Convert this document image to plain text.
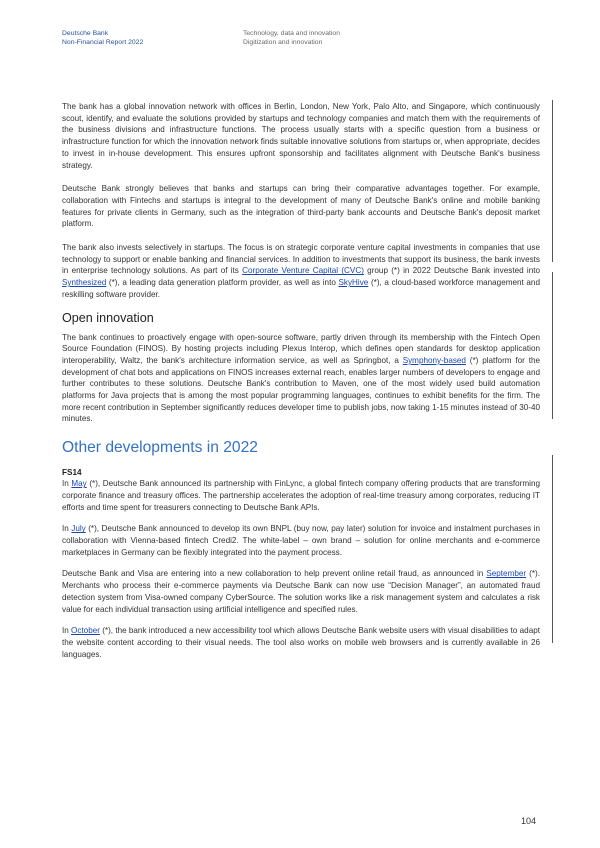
Deutsche Bank
Non-Financial Report 2022
Technology, data and innovation
Digitization and innovation

The bank has a global innovation network with offices in Berlin, London, New York, Palo Alto, and Singapore, which continuously scout, identify, and evaluate the solutions provided by startups and technology companies and match them with the requirements of the business divisions and infrastructure functions. The process usually starts with a specific question from a business or infrastructure function for which the innovation network finds suitable innovative solutions from startups or, when appropriate, decides to invest in in-house development. This ensures upfront sponsorship and facilitates alignment with Deutsche Bank's business strategy.

Deutsche Bank strongly believes that banks and startups can bring their comparative advantages together. For example, collaboration with Fintechs and startups is integral to the development of many of Deutsche Bank's online and mobile banking features for private clients in Germany, such as the integration of third-party bank accounts and Deutsche Bank's deposit market platform.

The bank also invests selectively in startups. The focus is on strategic corporate venture capital investments in companies that use technology to support or enable banking and financial services. In addition to investments that support its business, the bank invests in enterprise technology solutions. As part of its Corporate Venture Capital (CVC) group (*) in 2022 Deutsche Bank invested into Synthesized (*), a leading data generation platform provider, as well as into SkyHive (*), a cloud-based workforce management and reskilling software provider.

Open innovation

The bank continues to proactively engage with open-source software, partly driven through its membership with the Fintech Open Source Foundation (FINOS). By hosting projects including Plexus Interop, which defines open standards for desktop application interoperability, Waltz, the bank's architecture information service, as well as Springbot, a Symphony-based (*) platform for the development of chat bots and applications on FINOS increases external reach, enables larger numbers of developers to engage and further contributes to these solutions. Deutsche Bank's contribution to Maven, one of the most widely used build automation platforms for Java projects that is among the most popular programming languages, continues to exhibit benefits for the firm. The more recent contribution in September significantly reduces developer time to publish jobs, now taking 1-15 minutes instead of 30-40 minutes.

Other developments in 2022
FS14

In May (*), Deutsche Bank announced its partnership with FinLync, a global fintech company offering products that are transforming corporate finance and treasury offices. The partnership accelerates the adoption of real-time treasury among corporates, reducing IT efforts and time spent for treasurers connecting to Deutsche Bank APIs.

In July (*), Deutsche Bank announced to develop its own BNPL (buy now, pay later) solution for invoice and instalment purchases in collaboration with Vienna-based fintech Credi2. The white-label – own brand – solution for online merchants and e-commerce marketplaces in Germany can be flexibly integrated into the payment process.

Deutsche Bank and Visa are entering into a new collaboration to help prevent online retail fraud, as announced in September (*). Merchants who process their e-commerce payments via Deutsche Bank can now use “Decision Manager”, an automated fraud detection system from Visa-owned company CyberSource. The solution works like a risk management system and calculates a risk value for each individual transaction using artificial intelligence and specified rules.

In October (*), the bank introduced a new accessibility tool which allows Deutsche Bank website users with visual disabilities to adapt the website content according to their visual needs. The tool also works on mobile web browsers and is currently available in 26 languages.

104
